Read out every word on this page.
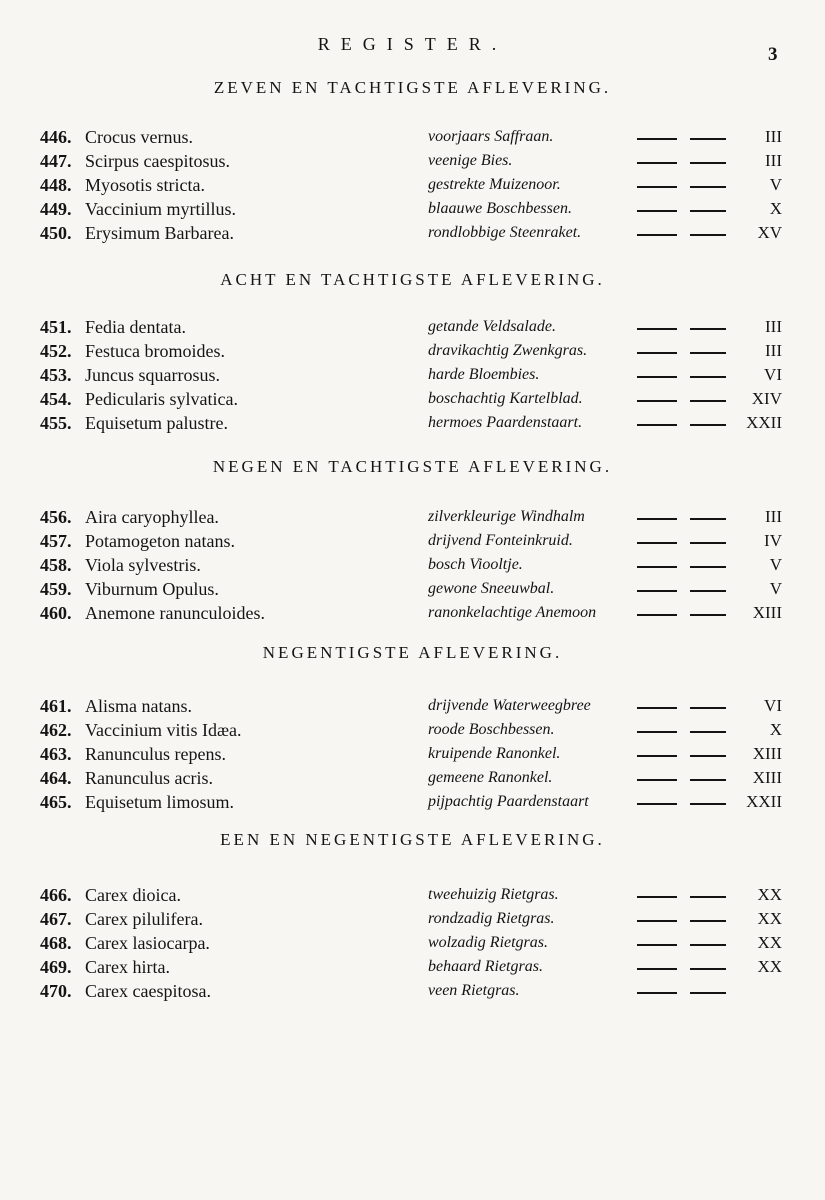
REGISTER.	3
ZEVEN EN TACHTIGSTE AFLEVERING.
446. Crocus vernus.	voorjaars Saffraan.	III
447. Scirpus caespitosus.	veenige Bies.	III
448. Myosotis stricta.	gestrekte Muizenoor.	V
449. Vaccinium myrtillus.	blaauwe Boschbessen.	X
450. Erysimum Barbarea.	rondlobbige Steenraket.	XV
ACHT EN TACHTIGSTE AFLEVERING.
451. Fedia dentata.	getande Veldsalade.	III
452. Festuca bromoides.	dravikachtig Zwenkgras.	III
453. Juncus squarrosus.	harde Bloembies.	VI
454. Pedicularis sylvatica.	boschachtig Kartelblad.	XIV
455. Equisetum palustre.	hermoes Paardenstaart.	XXII
NEGEN EN TACHTIGSTE AFLEVERING.
456. Aira caryophyllea.	zilverkleurige Windhalm	III
457. Potamogeton natans.	drijvend Fonteinkruid.	IV
458. Viola sylvestris.	bosch Viooltje.	V
459. Viburnum Opulus.	gewone Sneeuwbal.	V
460. Anemone ranunculoides.	ranonkelachtige Anemoon	XIII
NEGENTIGSTE AFLEVERING.
461. Alisma natans.	drijvende Waterweegbree	VI
462. Vaccinium vitis Idæa.	roode Boschbessen.	X
463. Ranunculus repens.	kruipende Ranonkel.	XIII
464. Ranunculus acris.	gemeene Ranonkel.	XIII
465. Equisetum limosum.	pijpachtig Paardenstaart	XXII
EEN EN NEGENTIGSTE AFLEVERING.
466. Carex dioica.	tweehuizig Rietgras.	XX
467. Carex pilulifera.	rondzadig Rietgras.	XX
468. Carex lasiocarpa.	wolzadig Rietgras.	XX
469. Carex hirta.	behaard Rietgras.	XX
470. Carex caespitosa.	veen Rietgras.
